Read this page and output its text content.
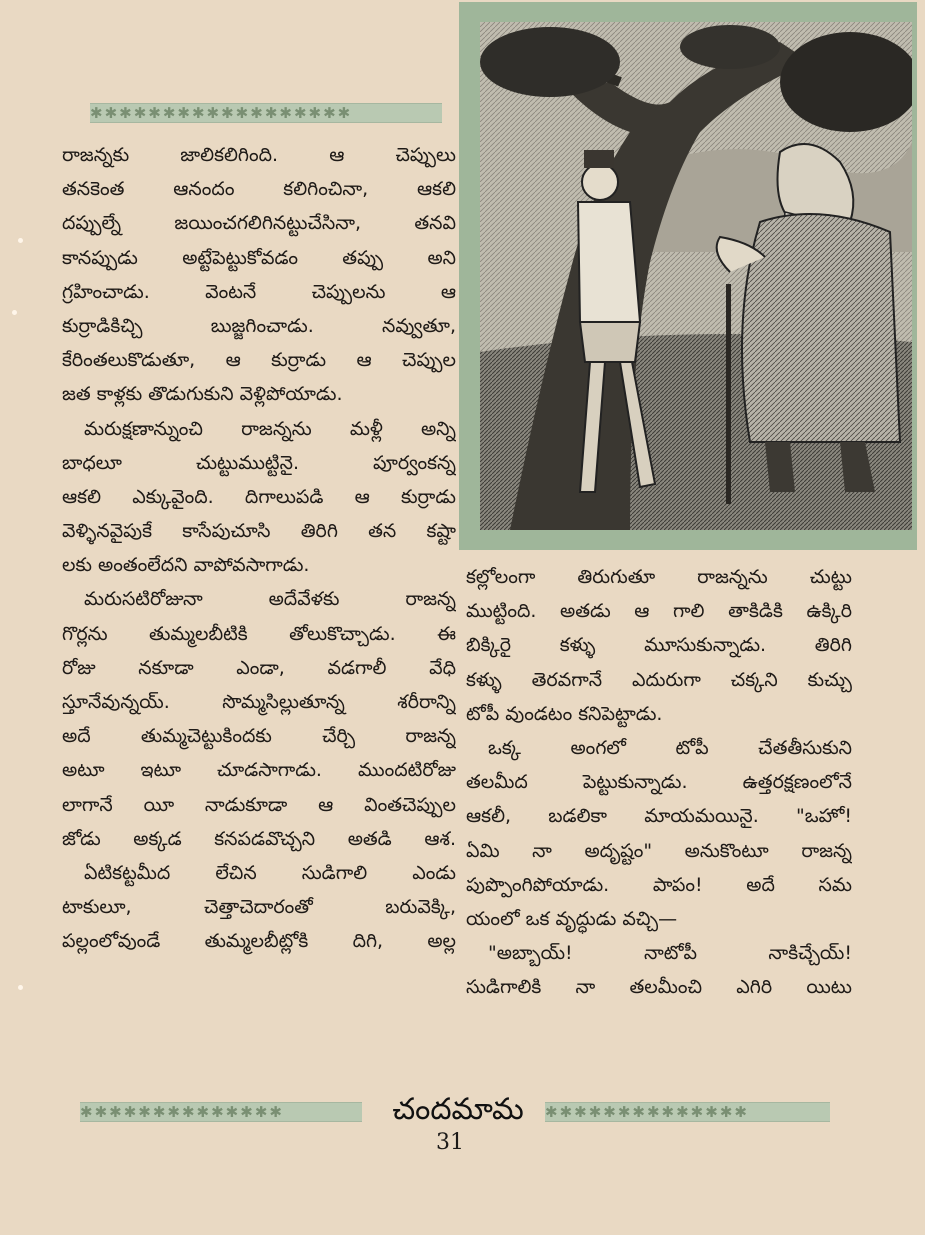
✱✱✱✱✱✱✱✱✱✱✱✱✱✱✱✱✱✱
రాజన్నకు జాలికలిగింది. ఆ చెప్పులు
తనకెంత ఆనందం కలిగించినా, ఆకలి
దప్పుల్నే జయించగలిగినట్టుచేసినా, తనవి
కానప్పుడు అట్టేపెట్టుకోవడం తప్పు అని
గ్రహించాడు. వెంటనే చెప్పులను ఆ
కుర్రాడికిచ్చి బుజ్జగించాడు. నవ్వుతూ,
కేరింతలుకొడుతూ, ఆ కుర్రాడు ఆ చెప్పుల
జత కాళ్లకు తొడుగుకుని వెళ్లిపోయాడు.
మరుక్షణాన్నుంచి రాజన్నను మళ్లీ అన్ని
బాధలూ చుట్టుముట్టినై. పూర్వంకన్న
ఆకలి ఎక్కువైంది. దిగాలుపడి ఆ కుర్రాడు
వెళ్ళినవైపుకే కాసేపుచూసి తిరిగి తన కష్టా
లకు అంతంలేదని వాపోవసాగాడు.
మరుసటిరోజునా అదేవేళకు రాజన్న
గొర్లను తుమ్మలబీటికి తోలుకొచ్చాడు. ఈ
రోజు నకూడా ఎండా, వడగాలీ వేధి
స్తూనేవున్నయ్. సొమ్మసిల్లుతూన్న శరీరాన్ని
అదే తుమ్మచెట్టుకిందకు చేర్చి రాజన్న
అటూ ఇటూ చూడసాగాడు. ముందటిరోజు
లాగానే యీ నాడుకూడా ఆ వింతచెప్పుల
జోడు అక్కడ కనపడవొచ్చని అతడి ఆశ.
ఏటికట్టమీద లేచిన సుడిగాలి ఎండు
టాకులూ, చెత్తాచెదారంతో బరువెక్కి,
పల్లంలోవుండే తుమ్మలబీట్లోకి దిగి, అల్ల
కల్లోలంగా తిరుగుతూ రాజన్నను చుట్టు
ముట్టింది. అతడు ఆ గాలి తాకిడికి ఉక్కిరి
బిక్కిరై కళ్ళు మూసుకున్నాడు. తిరిగి
కళ్ళు తెరవగానే ఎదురుగా చక్కని కుచ్చు
టోపీ వుండటం కనిపెట్టాడు.
ఒక్క అంగలో టోపీ చేతతీసుకుని
తలమీద పెట్టుకున్నాడు. ఉత్తరక్షణంలోనే
ఆకలీ, బడలికా మాయమయినై. "ఒహో!
ఏమి నా అదృష్టం" అనుకొంటూ రాజన్న
పుప్పొంగిపోయాడు. పాపం! అదే సమ
యంలో ఒక వృద్ధుడు వచ్చి—
"అబ్బాయ్! నాటోపీ నాకిచ్చేయ్!
సుడిగాలికి నా తలమీంచి ఎగిరి యిటు
✱✱✱✱✱✱✱✱✱✱✱✱✱✱	✱✱✱✱✱✱✱✱✱✱✱✱✱✱
చందమామ
31
